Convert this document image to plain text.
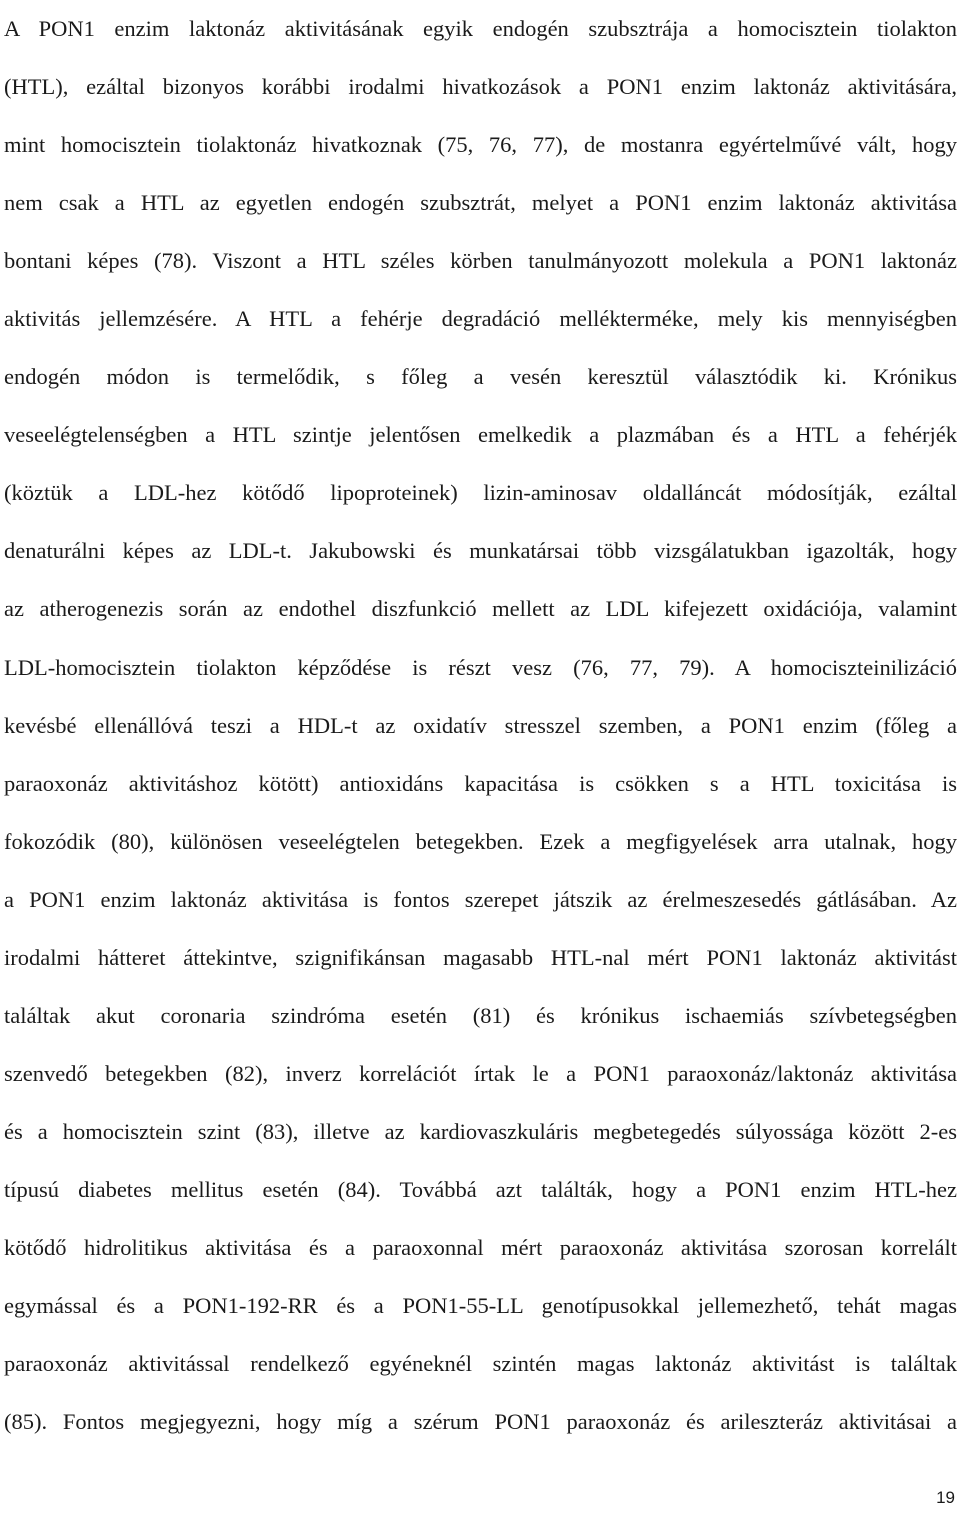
A PON1 enzim laktonáz aktivitásának egyik endogén szubsztrája a homocisztein tiolakton
(HTL), ezáltal bizonyos korábbi irodalmi hivatkozások a PON1 enzim laktonáz aktivitására,
mint homocisztein tiolaktonáz hivatkoznak (75, 76, 77), de mostanra egyértelművé vált, hogy
nem csak a HTL az egyetlen endogén szubsztrát, melyet a PON1 enzim laktonáz aktivitása
bontani képes (78). Viszont a HTL széles körben tanulmányozott molekula a PON1 laktonáz
aktivitás jellemzésére. A HTL a fehérje degradáció mellékterméke, mely kis mennyiségben
endogén módon is termelődik, s főleg a vesén keresztül választódik ki. Krónikus
veseelégtelenségben a HTL szintje jelentősen emelkedik a plazmában és a HTL a fehérjék
(köztük a LDL-hez kötődő lipoproteinek) lizin-aminosav oldalláncát módosítják, ezáltal
denaturálni képes az LDL-t. Jakubowski és munkatársai több vizsgálatukban igazolták, hogy
az atherogenezis során az endothel diszfunkció mellett az LDL kifejezett oxidációja, valamint
LDL-homocisztein tiolakton képződése is részt vesz (76, 77, 79). A homociszteinilizáció
kevésbé ellenállóvá teszi a HDL-t az oxidatív stresszel szemben, a PON1 enzim (főleg a
paraoxonáz aktivitáshoz kötött) antioxidáns kapacitása is csökken s a HTL toxicitása is
fokozódik (80), különösen veseelégtelen betegekben. Ezek a megfigyelések arra utalnak, hogy
a PON1 enzim laktonáz aktivitása is fontos szerepet játszik az érelmeszesedés gátlásában. Az
irodalmi hátteret áttekintve, szignifikánsan magasabb HTL-nal mért PON1 laktonáz aktivitást
találtak akut coronaria szindróma esetén (81) és krónikus ischaemiás szívbetegségben
szenvedő betegekben (82), inverz korrelációt írtak le a PON1 paraoxonáz/laktonáz aktivitása
és a homocisztein szint (83), illetve az kardiovaszkuláris megbetegedés súlyossága között 2-es
típusú diabetes mellitus esetén (84). Továbbá azt találták, hogy a PON1 enzim HTL-hez
kötődő hidrolitikus aktivitása és a paraoxonnal mért paraoxonáz aktivitása szorosan korrelált
egymással és a PON1-192-RR és a PON1-55-LL genotípusokkal jellemezhető, tehát magas
paraoxonáz aktivitással rendelkező egyéneknél szintén magas laktonáz aktivitást is találtak
(85). Fontos megjegyezni, hogy míg a szérum PON1 paraoxonáz és arileszteráz aktivitásai a
19
